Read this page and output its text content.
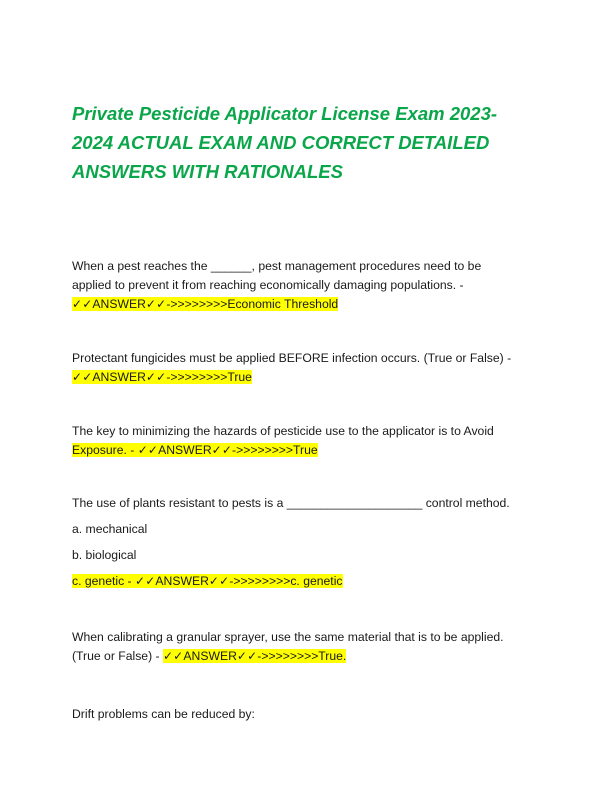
Private Pesticide Applicator License Exam 2023-
2024 ACTUAL EXAM AND CORRECT DETAILED
ANSWERS WITH RATIONALES
When a pest reaches the ______, pest management procedures need to be
applied to prevent it from reaching economically damaging populations. -
✓✓ANSWER✓✓->>>>>>>>Economic Threshold
Protectant fungicides must be applied BEFORE infection occurs. (True or False) -
✓✓ANSWER✓✓->>>>>>>>True
The key to minimizing the hazards of pesticide use to the applicator is to Avoid
Exposure. - ✓✓ANSWER✓✓->>>>>>>>True
The use of plants resistant to pests is a ____________________ control method.
a. mechanical
b. biological
c. genetic - ✓✓ANSWER✓✓->>>>>>>>c. genetic
When calibrating a granular sprayer, use the same material that is to be applied.
(True or False) - ✓✓ANSWER✓✓->>>>>>>>True.
Drift problems can be reduced by:
